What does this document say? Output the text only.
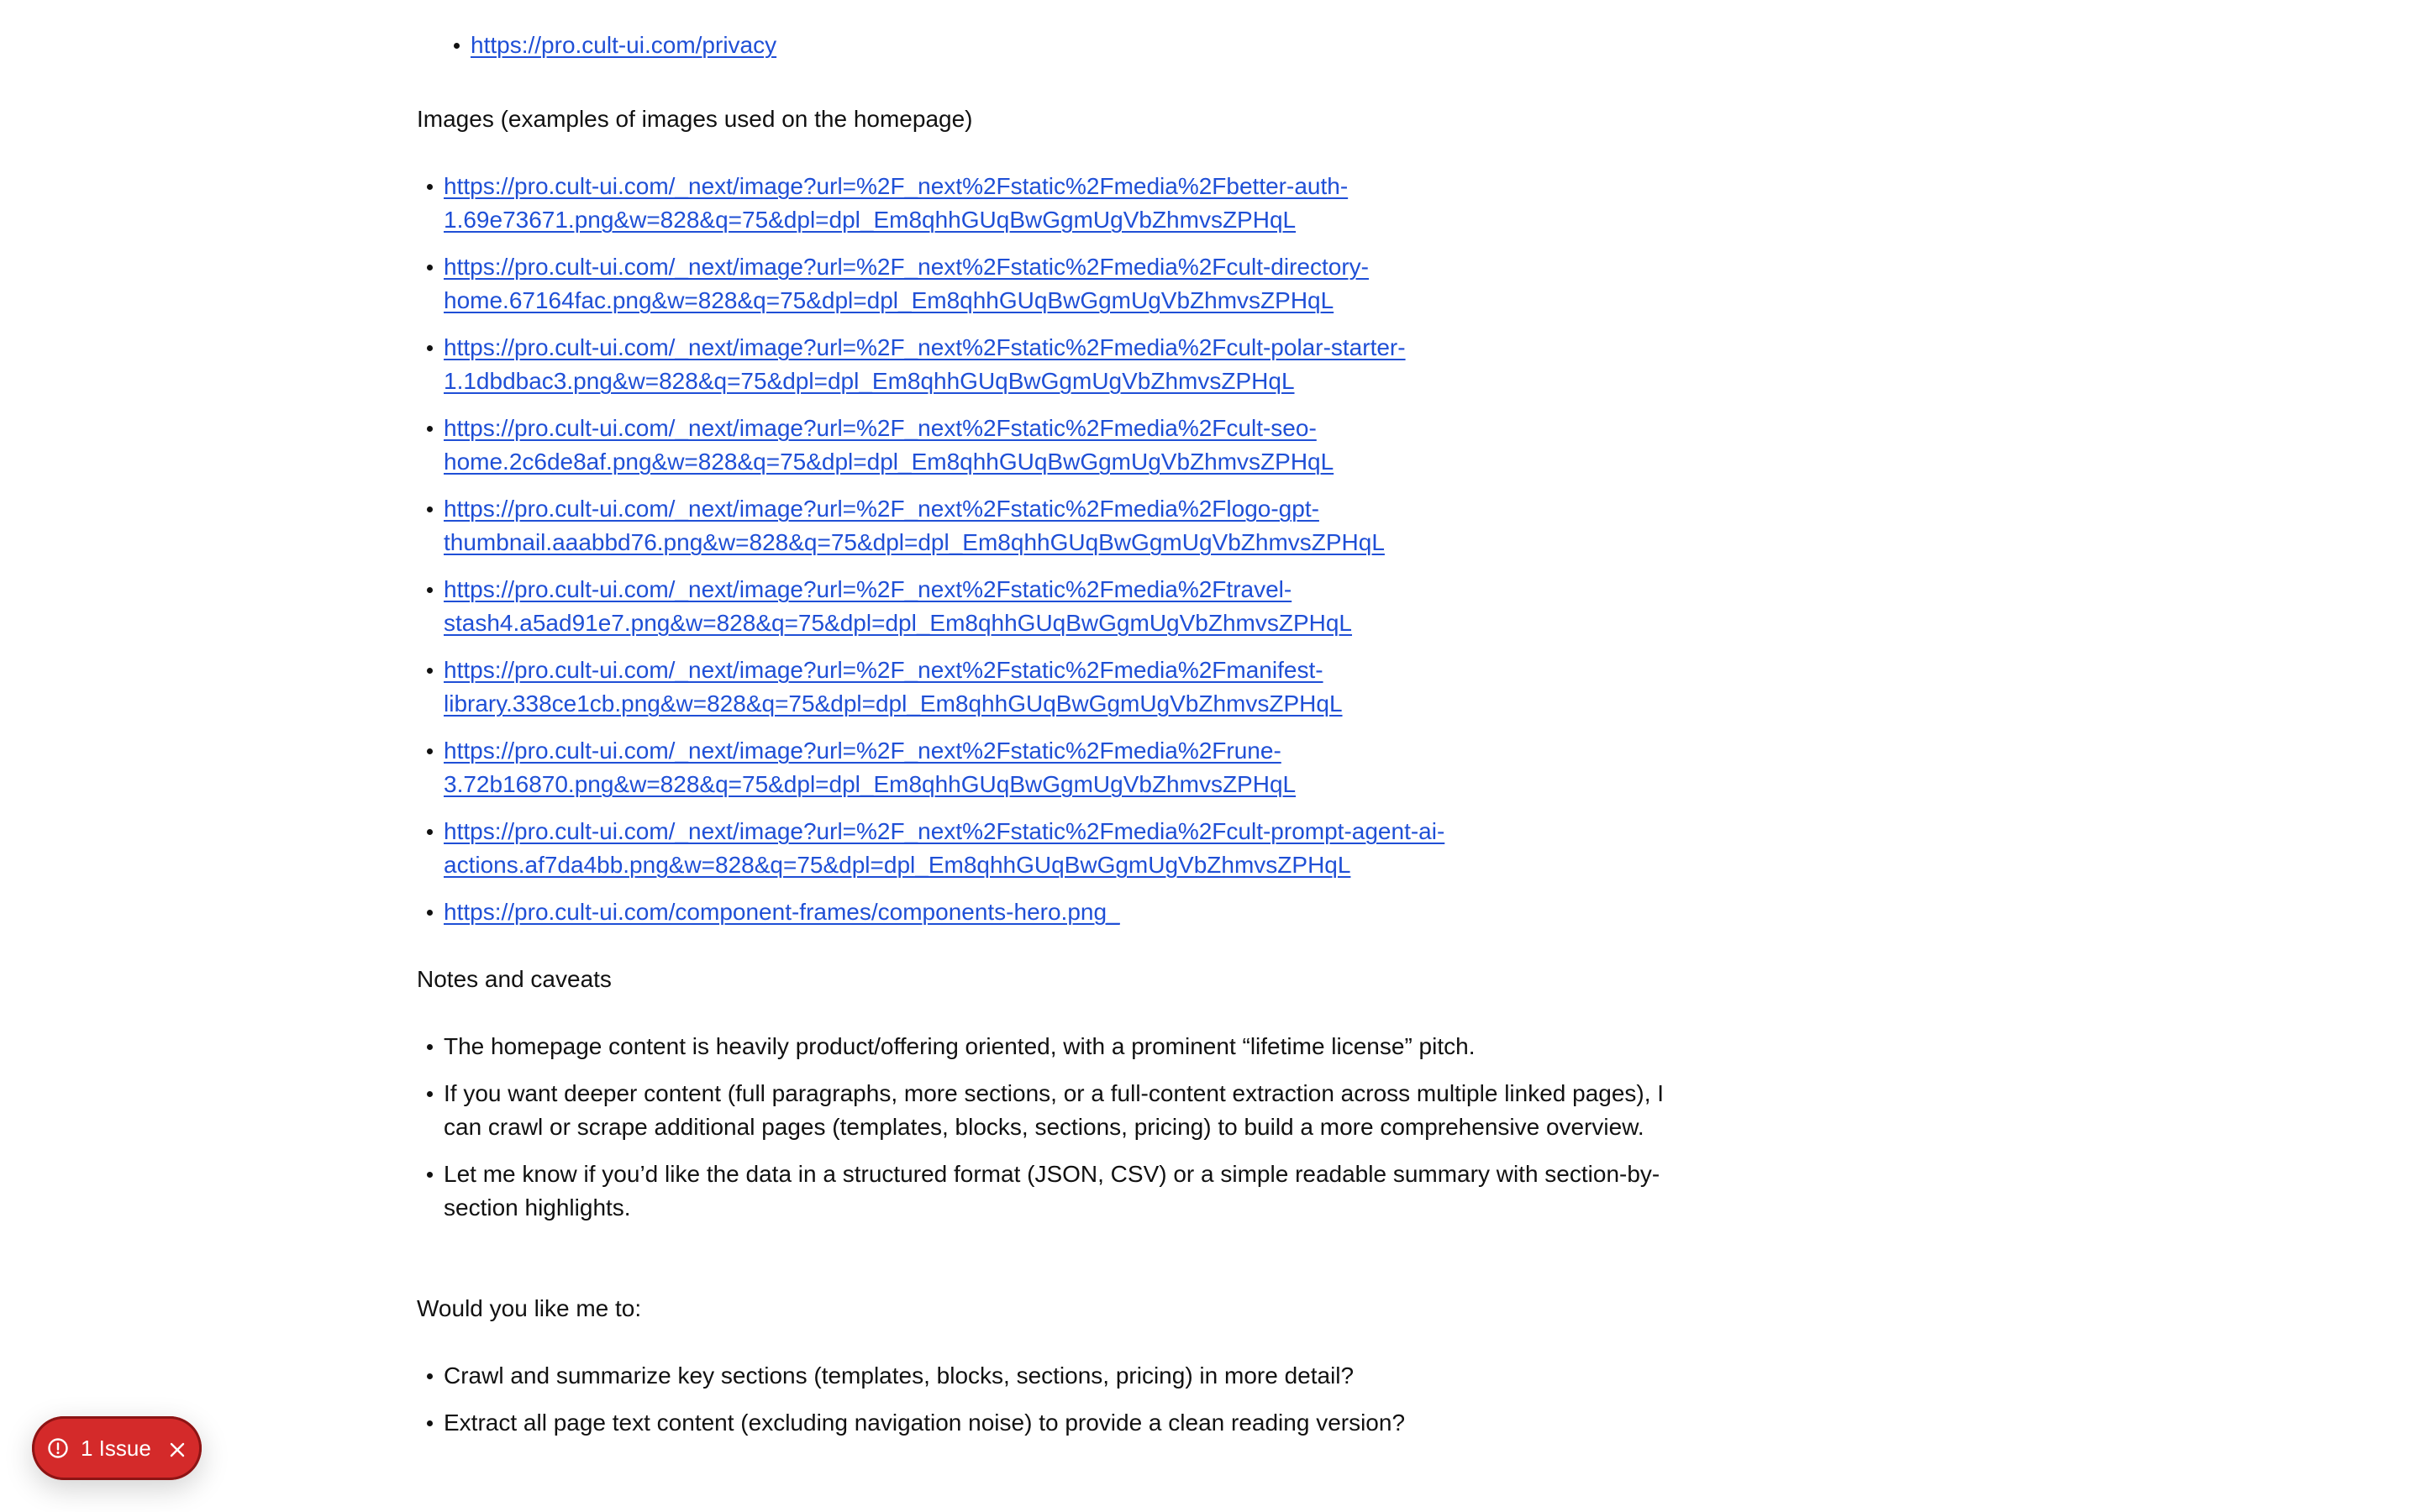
https://pro.cult-ui.com/privacy

Images (examples of images used on the homepage)

https://pro.cult-ui.com/_next/image?url=%2F_next%2Fstatic%2Fmedia%2Fbetter-auth-
1.69e73671.png&w=828&q=75&dpl=dpl_Em8qhhGUqBwGgmUgVbZhmvsZPHqL
https://pro.cult-ui.com/_next/image?url=%2F_next%2Fstatic%2Fmedia%2Fcult-directory-
home.67164fac.png&w=828&q=75&dpl=dpl_Em8qhhGUqBwGgmUgVbZhmvsZPHqL
https://pro.cult-ui.com/_next/image?url=%2F_next%2Fstatic%2Fmedia%2Fcult-polar-starter-
1.1dbdbac3.png&w=828&q=75&dpl=dpl_Em8qhhGUqBwGgmUgVbZhmvsZPHqL
https://pro.cult-ui.com/_next/image?url=%2F_next%2Fstatic%2Fmedia%2Fcult-seo-
home.2c6de8af.png&w=828&q=75&dpl=dpl_Em8qhhGUqBwGgmUgVbZhmvsZPHqL
https://pro.cult-ui.com/_next/image?url=%2F_next%2Fstatic%2Fmedia%2Flogo-gpt-
thumbnail.aaabbd76.png&w=828&q=75&dpl=dpl_Em8qhhGUqBwGgmUgVbZhmvsZPHqL
https://pro.cult-ui.com/_next/image?url=%2F_next%2Fstatic%2Fmedia%2Ftravel-
stash4.a5ad91e7.png&w=828&q=75&dpl=dpl_Em8qhhGUqBwGgmUgVbZhmvsZPHqL
https://pro.cult-ui.com/_next/image?url=%2F_next%2Fstatic%2Fmedia%2Fmanifest-
library.338ce1cb.png&w=828&q=75&dpl=dpl_Em8qhhGUqBwGgmUgVbZhmvsZPHqL
https://pro.cult-ui.com/_next/image?url=%2F_next%2Fstatic%2Fmedia%2Frune-
3.72b16870.png&w=828&q=75&dpl=dpl_Em8qhhGUqBwGgmUgVbZhmvsZPHqL
https://pro.cult-ui.com/_next/image?url=%2F_next%2Fstatic%2Fmedia%2Fcult-prompt-agent-ai-
actions.af7da4bb.png&w=828&q=75&dpl=dpl_Em8qhhGUqBwGgmUgVbZhmvsZPHqL
https://pro.cult-ui.com/component-frames/components-hero.png_

Notes and caveats

The homepage content is heavily product/offering oriented, with a prominent “lifetime license” pitch.
If you want deeper content (full paragraphs, more sections, or a full-content extraction across multiple linked pages), I can crawl or scrape additional pages (templates, blocks, sections, pricing) to build a more comprehensive overview.
Let me know if you’d like the data in a structured format (JSON, CSV) or a simple readable summary with section-by-section highlights.

Would you like me to:

Crawl and summarize key sections (templates, blocks, sections, pricing) in more detail?
Extract all page text content (excluding navigation noise) to provide a clean reading version?
1 Issue
